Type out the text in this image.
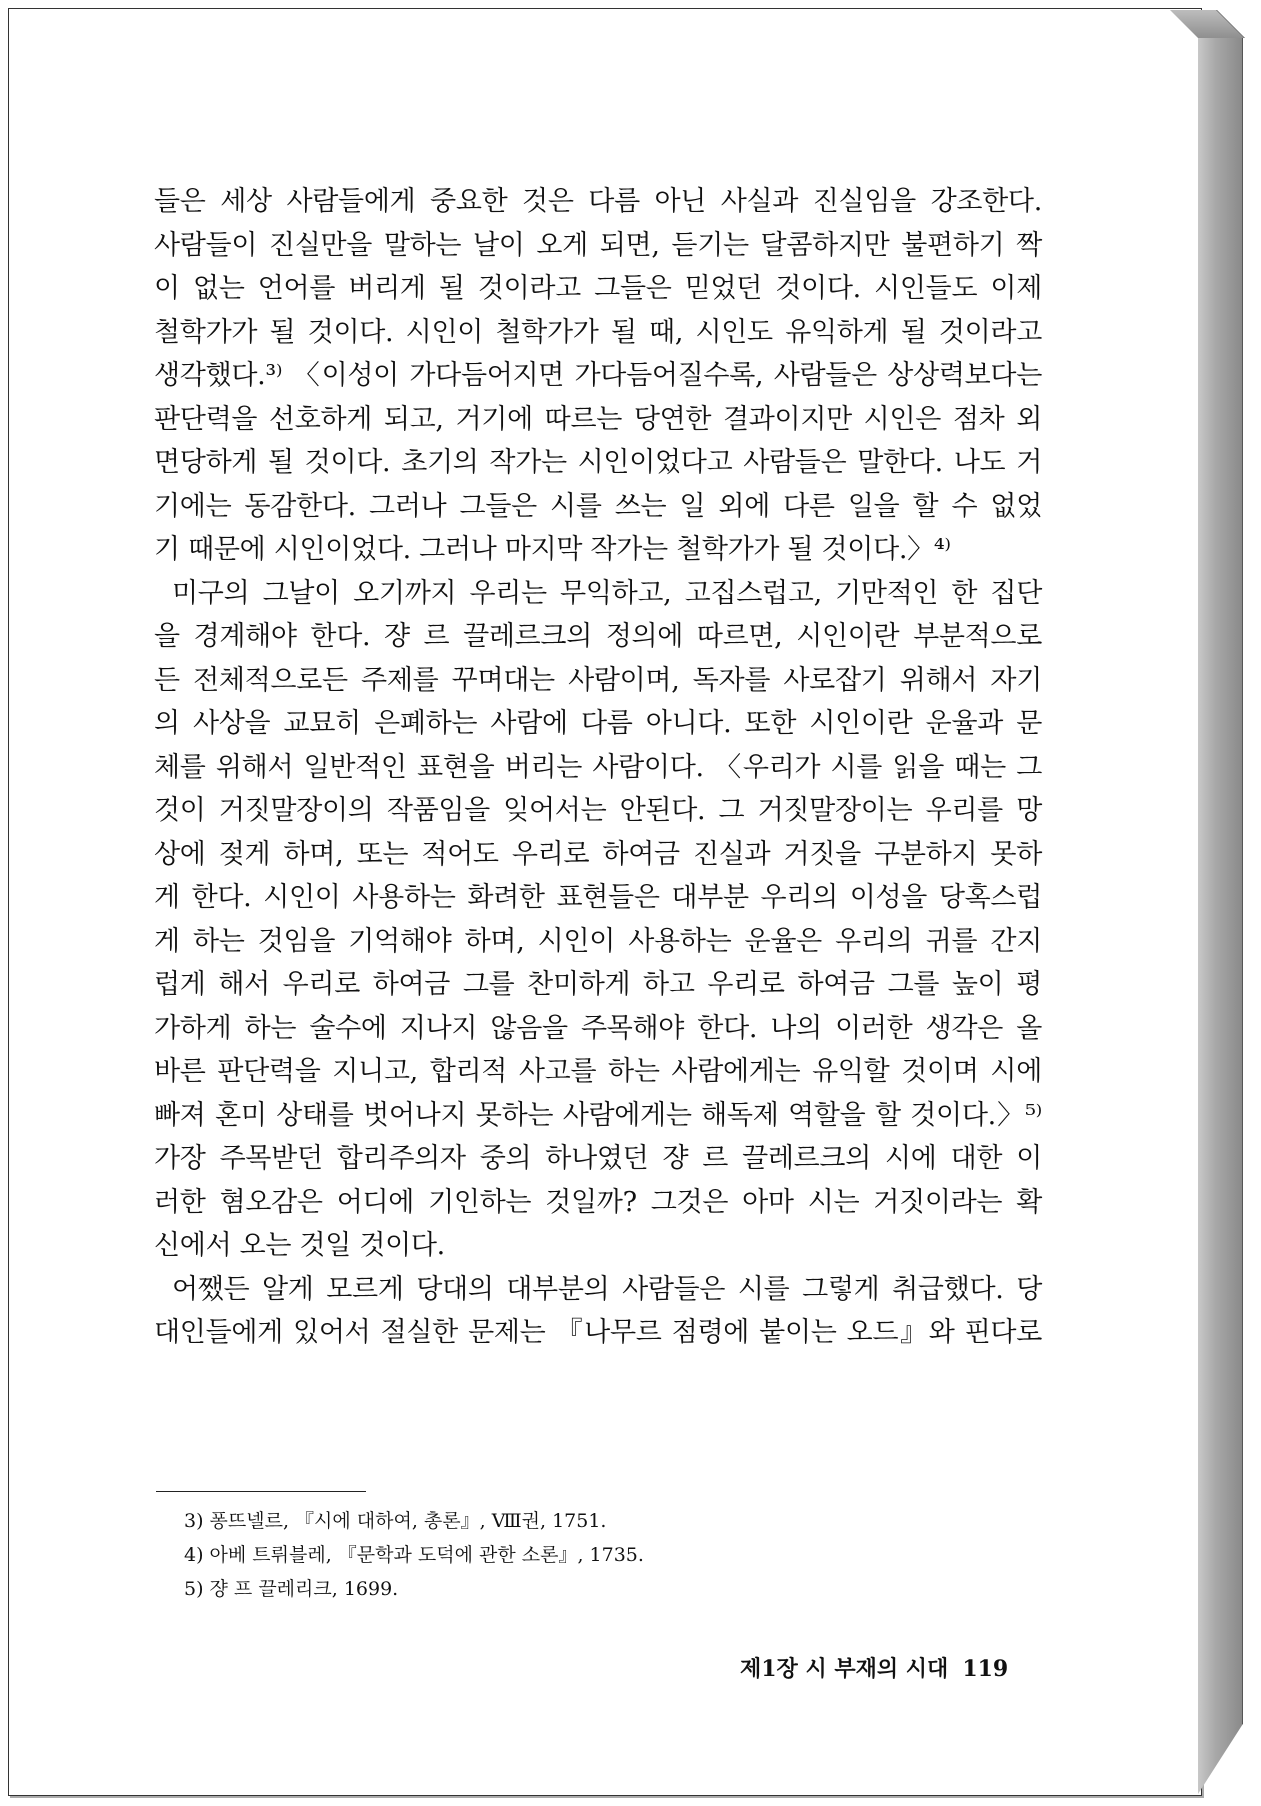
들은 세상 사람들에게 중요한 것은 다름 아닌 사실과 진실임을 강조한다.
사람들이 진실만을 말하는 날이 오게 되면, 듣기는 달콤하지만 불편하기 짝
이 없는 언어를 버리게 될 것이라고 그들은 믿었던 것이다. 시인들도 이제
철학가가 될 것이다. 시인이 철학가가 될 때, 시인도 유익하게 될 것이라고
생각했다.³⁾ 〈이성이 가다듬어지면 가다듬어질수록, 사람들은 상상력보다는
판단력을 선호하게 되고, 거기에 따르는 당연한 결과이지만 시인은 점차 외
면당하게 될 것이다. 초기의 작가는 시인이었다고 사람들은 말한다. 나도 거
기에는 동감한다. 그러나 그들은 시를 쓰는 일 외에 다른 일을 할 수 없었
기 때문에 시인이었다. 그러나 마지막 작가는 철학가가 될 것이다.〉⁴⁾
미구의 그날이 오기까지 우리는 무익하고, 고집스럽고, 기만적인 한 집단
을 경계해야 한다. 쟝 르 끌레르크의 정의에 따르면, 시인이란 부분적으로
든 전체적으로든 주제를 꾸며대는 사람이며, 독자를 사로잡기 위해서 자기
의 사상을 교묘히 은폐하는 사람에 다름 아니다. 또한 시인이란 운율과 문
체를 위해서 일반적인 표현을 버리는 사람이다. 〈우리가 시를 읽을 때는 그
것이 거짓말장이의 작품임을 잊어서는 안된다. 그 거짓말장이는 우리를 망
상에 젖게 하며, 또는 적어도 우리로 하여금 진실과 거짓을 구분하지 못하
게 한다. 시인이 사용하는 화려한 표현들은 대부분 우리의 이성을 당혹스럽
게 하는 것임을 기억해야 하며, 시인이 사용하는 운율은 우리의 귀를 간지
럽게 해서 우리로 하여금 그를 찬미하게 하고 우리로 하여금 그를 높이 평
가하게 하는 술수에 지나지 않음을 주목해야 한다. 나의 이러한 생각은 올
바른 판단력을 지니고, 합리적 사고를 하는 사람에게는 유익할 것이며 시에
빠져 혼미 상태를 벗어나지 못하는 사람에게는 해독제 역할을 할 것이다.〉⁵⁾
가장 주목받던 합리주의자 중의 하나였던 쟝 르 끌레르크의 시에 대한 이
러한 혐오감은 어디에 기인하는 것일까? 그것은 아마 시는 거짓이라는 확
신에서 오는 것일 것이다.
어쨌든 알게 모르게 당대의 대부분의 사람들은 시를 그렇게 취급했다. 당
대인들에게 있어서 절실한 문제는 『나무르 점령에 붙이는 오드』와 핀다로
3) 퐁뜨넬르, 『시에 대하여, 총론』, Ⅷ권, 1751.
4) 아베 트뤼블레, 『문학과 도덕에 관한 소론』, 1735.
5) 쟝 프 끌레리크, 1699.
제1장 시 부재의 시대 119
